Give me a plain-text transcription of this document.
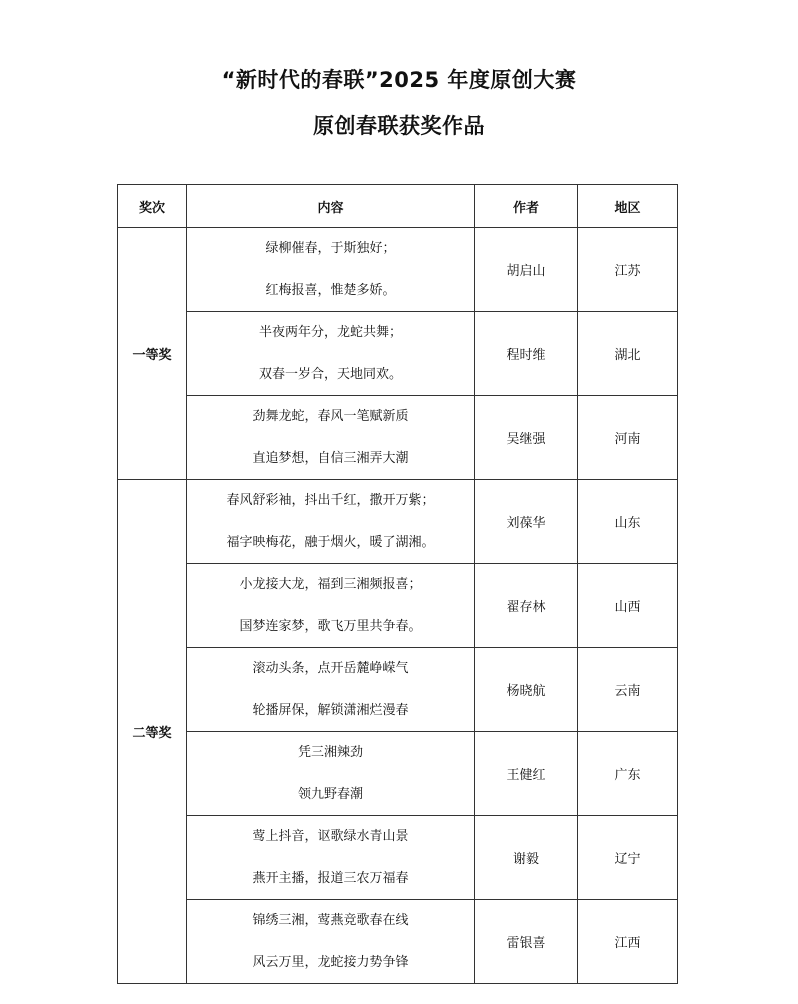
“新时代的春联”2025 年度原创大赛
原创春联获奖作品
奖次	内容	作者	地区
一等奖	绿柳催春，于斯独好；
红梅报喜，惟楚多娇。	胡启山	江苏

	半夜两年分，龙蛇共舞；
双春一岁合，天地同欢。	程时维	湖北

	劲舞龙蛇，春风一笔赋新质
直追梦想，自信三湘弄大潮	吴继强	河南
二等奖	春风舒彩袖，抖出千红，撒开万紫；
福字映梅花，融于烟火，暖了湖湘。	刘葆华	山东

	小龙接大龙，福到三湘频报喜；
国梦连家梦，歌飞万里共争春。	翟存林	山西

	滚动头条，点开岳麓峥嵘气
轮播屏保，解锁潇湘烂漫春	杨晓航	云南

	凭三湘辣劲
领九野春潮	王健红	广东

	莺上抖音，讴歌绿水青山景
燕开主播，报道三农万福春	谢毅	辽宁

	锦绣三湘，莺燕竞歌春在线
风云万里，龙蛇接力势争锋	雷银喜	江西
